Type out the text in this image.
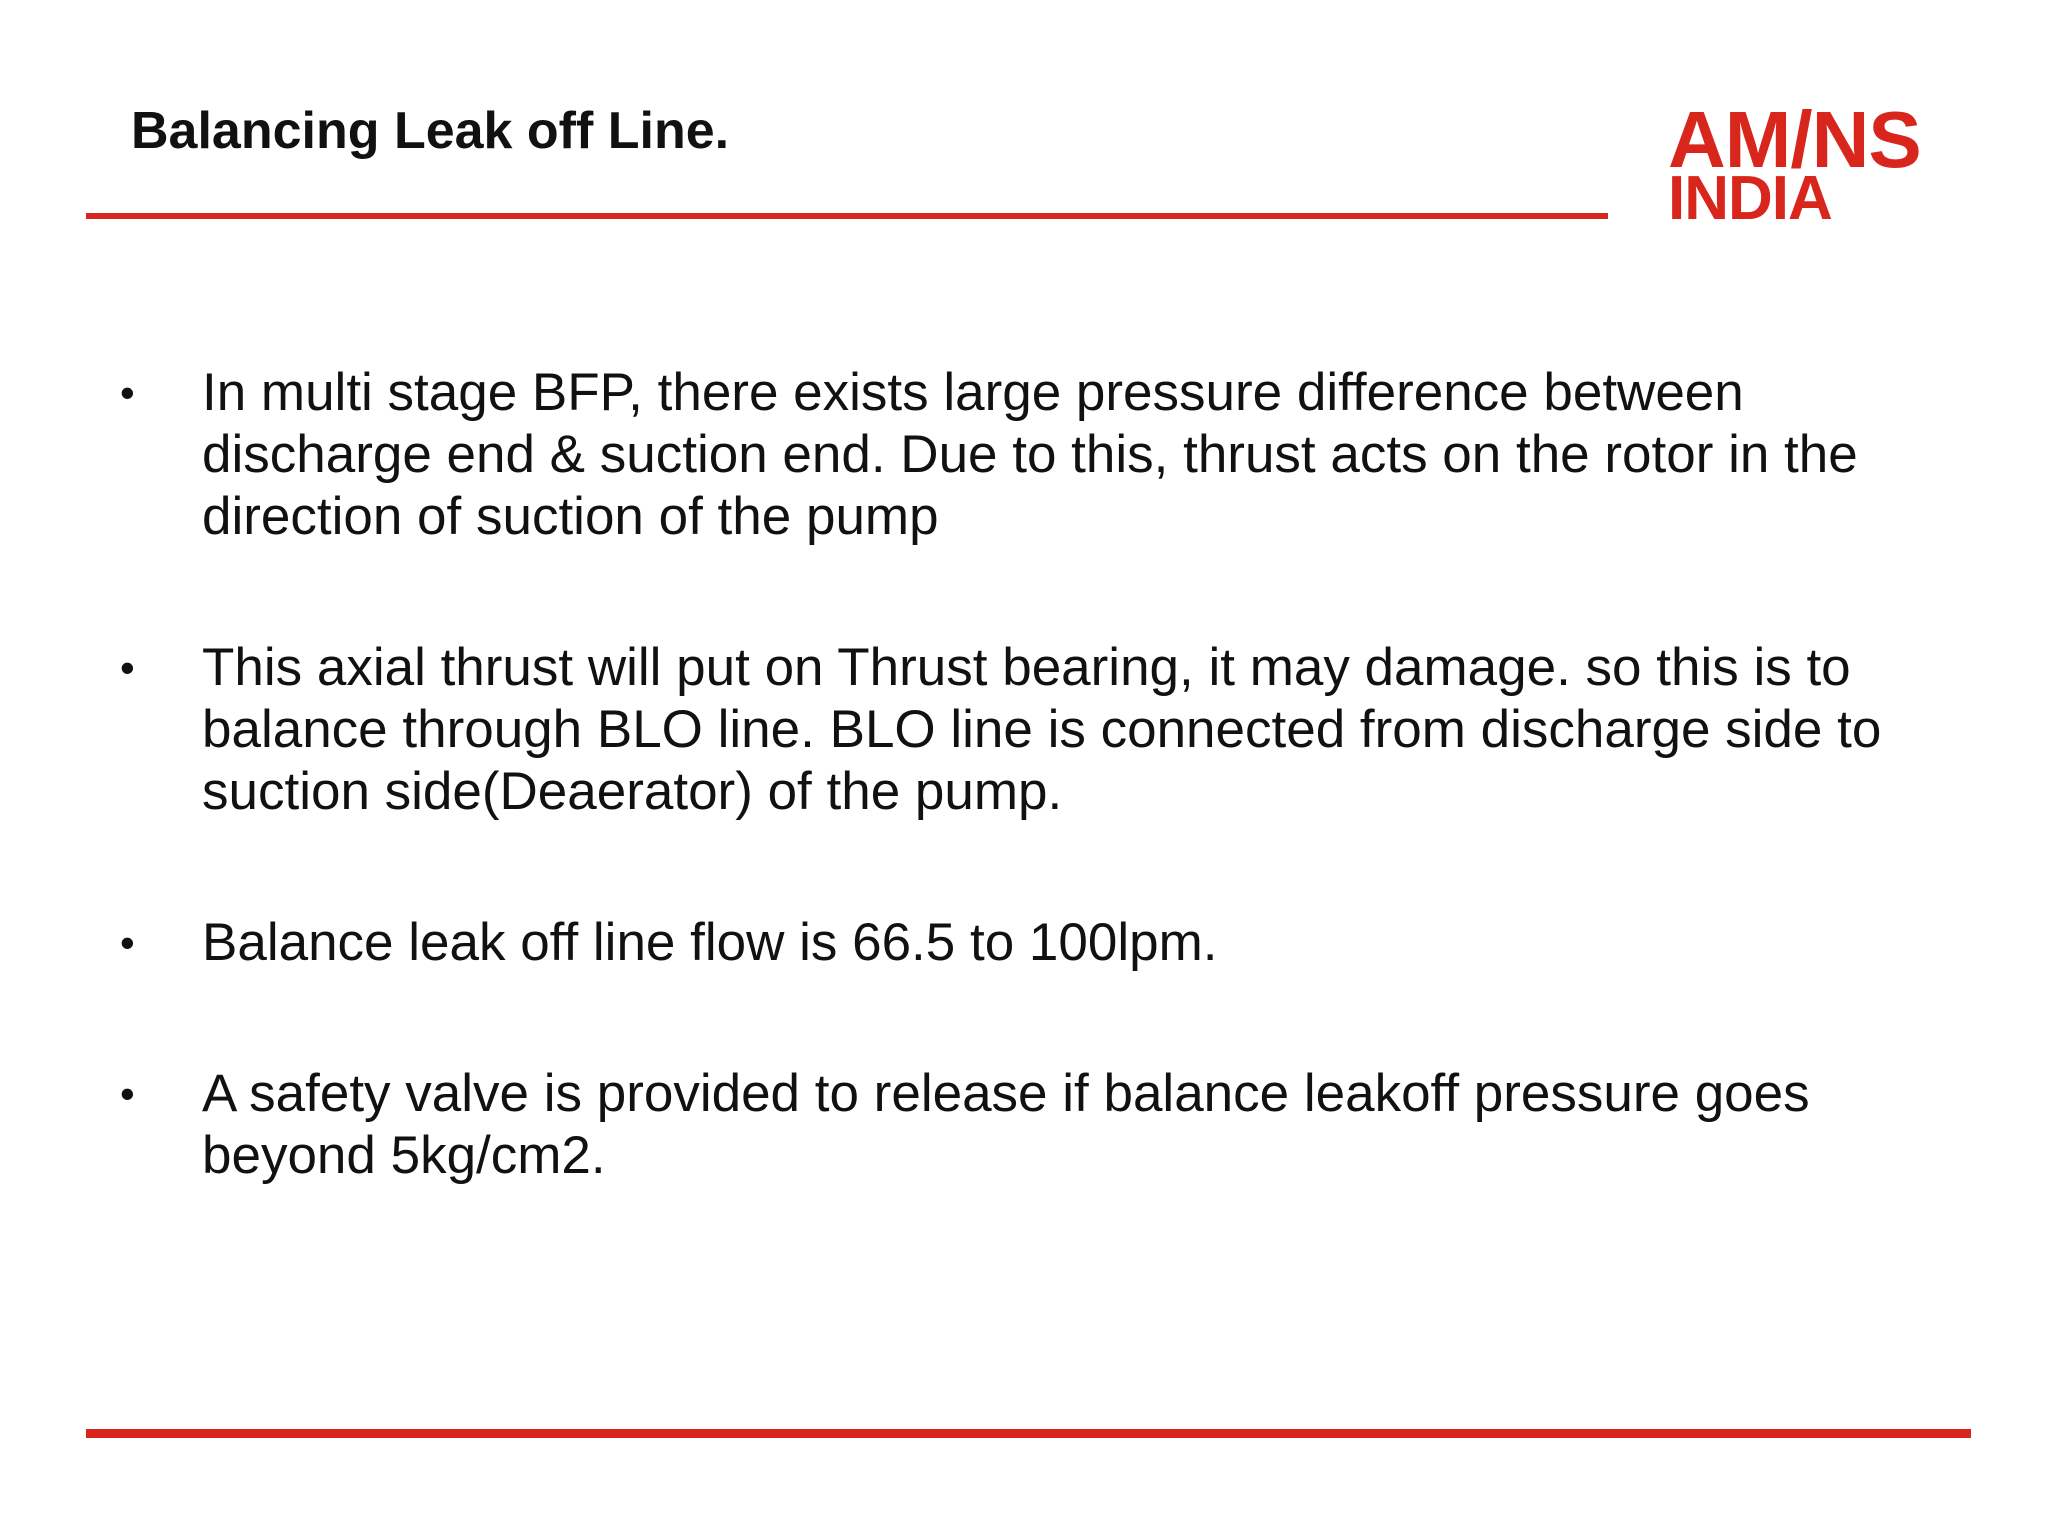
Balancing Leak off Line.	AM/NS
INDIA
• In multi stage BFP, there exists large pressure difference between discharge end & suction end. Due to this, thrust acts on the rotor in the direction of suction of the pump
• This axial thrust will put on Thrust bearing, it may damage. so this is to balance through BLO line. BLO line is connected from discharge side to suction side(Deaerator) of the pump.
• Balance leak off line flow is 66.5 to 100lpm.
• A safety valve is provided to release if balance leakoff pressure goes beyond 5kg/cm2.
